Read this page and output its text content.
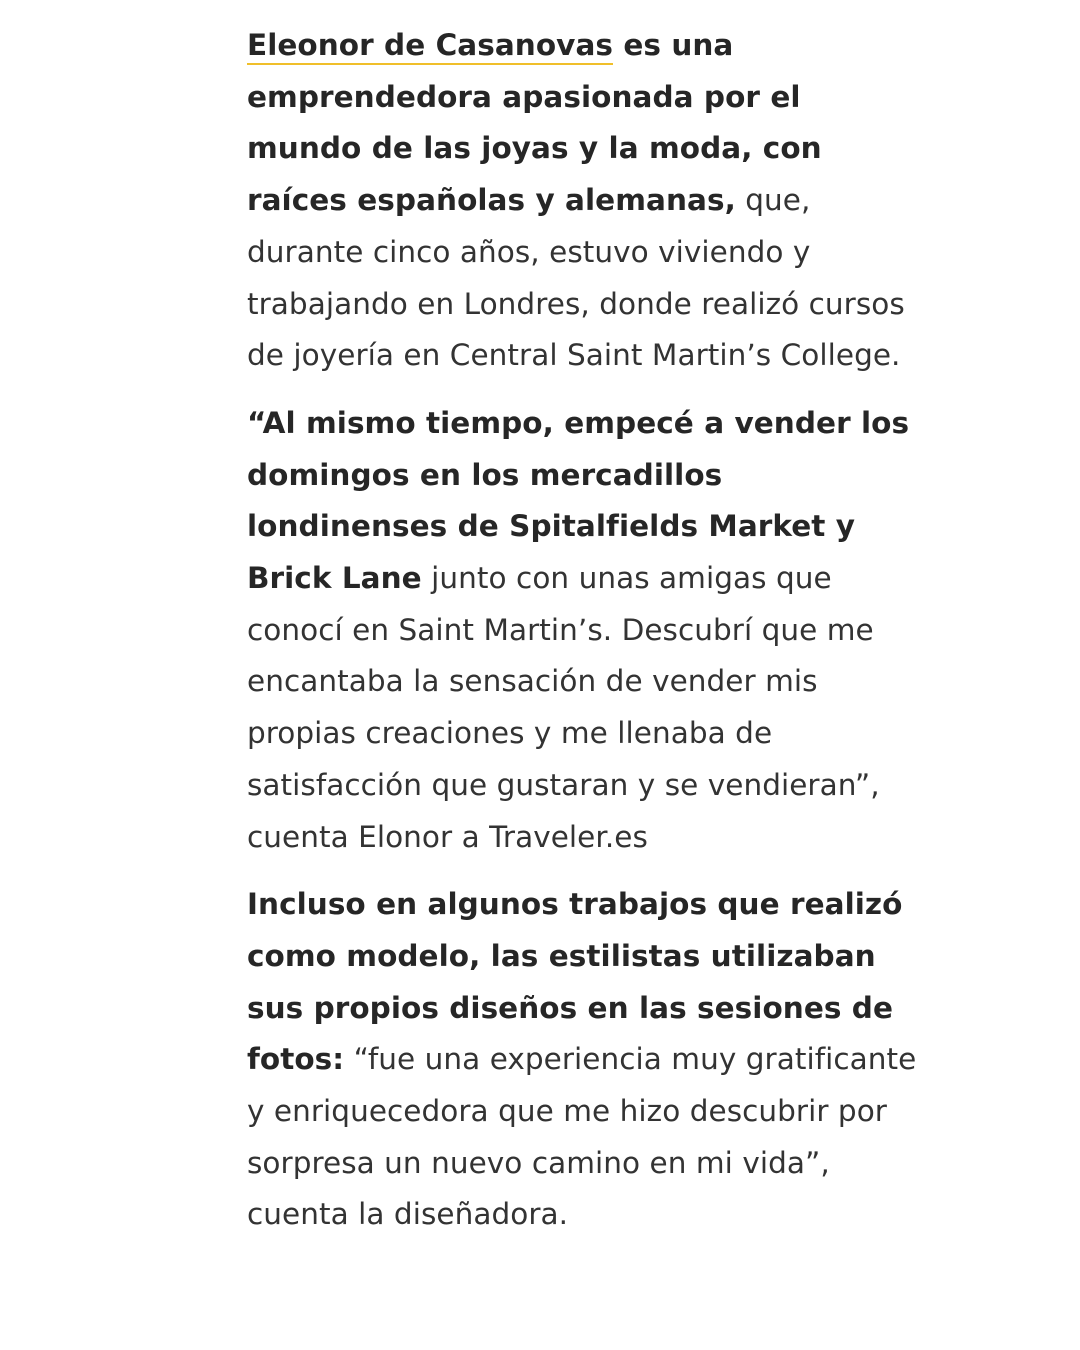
Eleonor de Casanovas es una emprendedora apasionada por el mundo de las joyas y la moda, con raíces españolas y alemanas, que, durante cinco años, estuvo viviendo y trabajando en Londres, donde realizó cursos de joyería en Central Saint Martin’s College.

“Al mismo tiempo, empecé a vender los domingos en los mercadillos londinenses de Spitalfields Market y Brick Lane junto con unas amigas que conocí en Saint Martin’s. Descubrí que me encantaba la sensación de vender mis propias creaciones y me llenaba de satisfacción que gustaran y se vendieran”, cuenta Elonor a Traveler.es

Incluso en algunos trabajos que realizó como modelo, las estilistas utilizaban sus propios diseños en las sesiones de fotos: “fue una experiencia muy gratificante y enriquecedora que me hizo descubrir por sorpresa un nuevo camino en mi vida”, cuenta la diseñadora.
